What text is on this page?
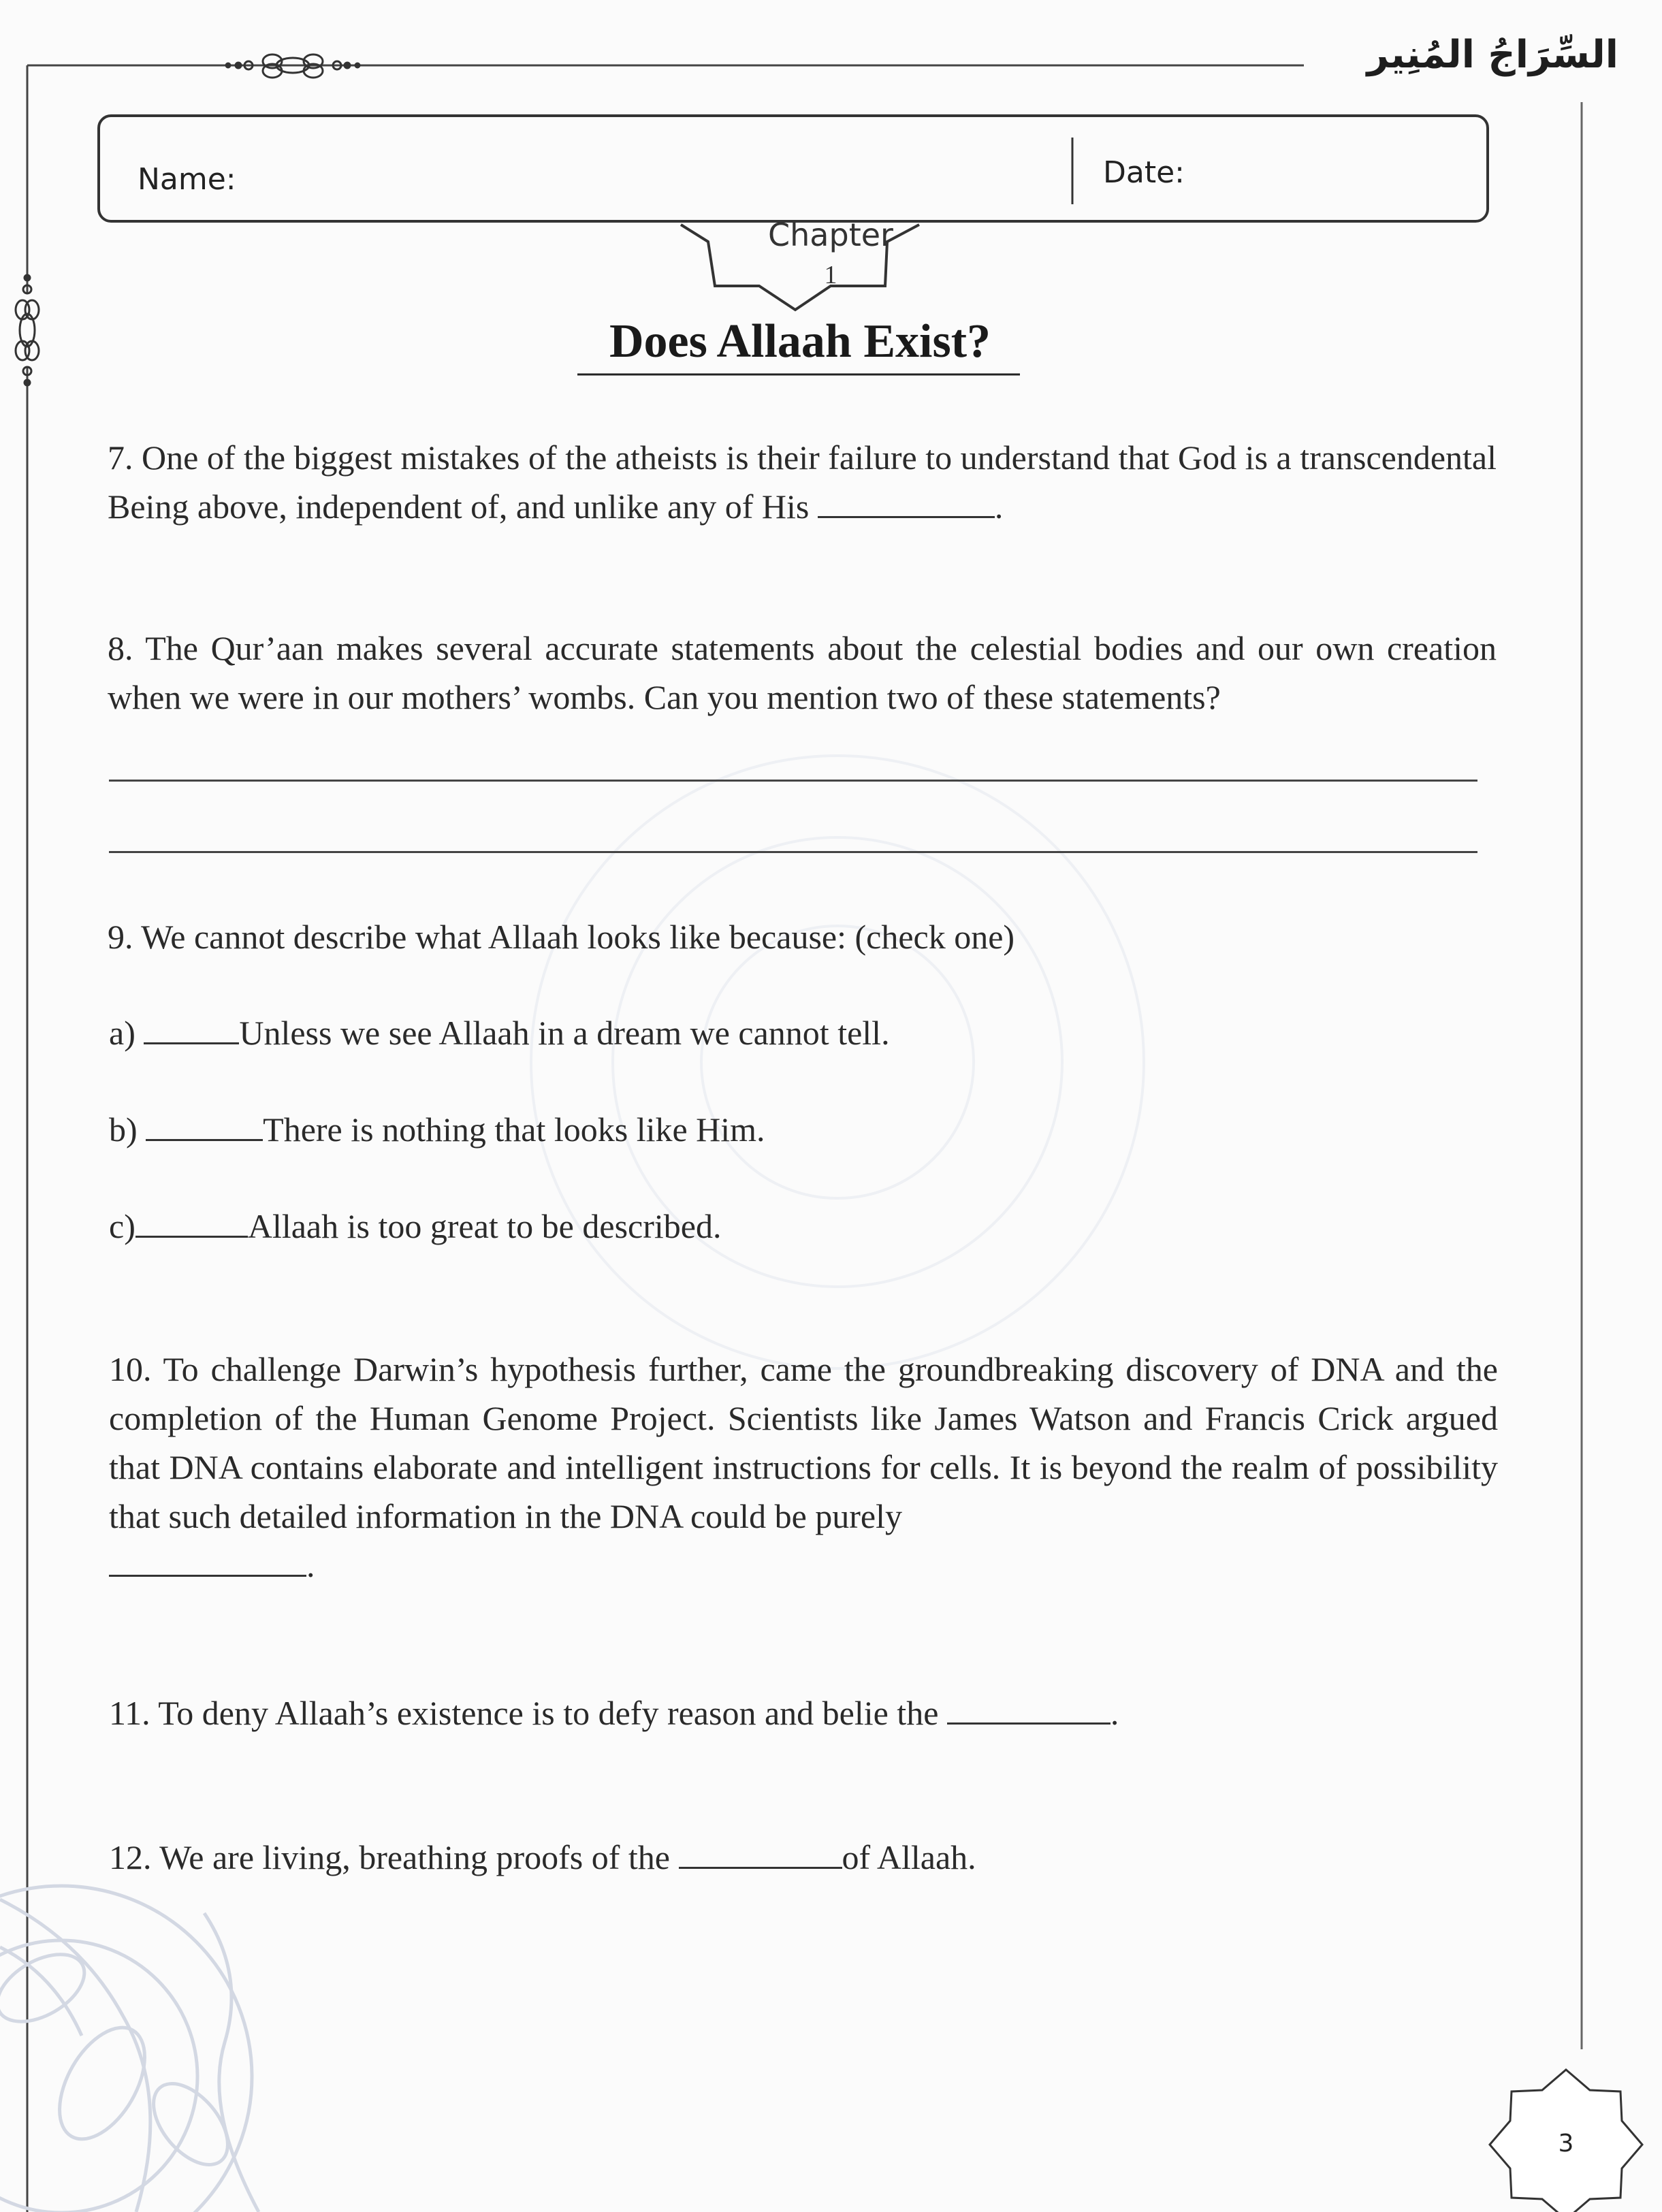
السِّرَاجُ المُنِير
Name:	Date:
Chapter
1
Does Allaah Exist?
7. One of the biggest mistakes of the atheists is their failure to understand that God is a transcendental Being above, independent of, and unlike any of His	.
8. The Qur’aan makes several accurate statements about the celestial bodies and our own creation when we were in our mothers’ wombs. Can you mention two of these statements?
9. We cannot describe what Allaah looks like because: (check one)
a)	Unless we see Allaah in a dream we cannot tell.
b)	There is nothing that looks like Him.
c)	Allaah is too great to be described.
10. To challenge Darwin’s hypothesis further, came the groundbreaking discovery of DNA and the completion of the Human Genome Project. Scientists like James Watson and Francis Crick argued that DNA contains elaborate and intelligent instructions for cells. It is beyond the realm of possibility that such detailed information in the DNA could be purely
.
11. To deny Allaah’s existence is to defy reason and belie the	.
12. We are living, breathing proofs of the	of Allaah.
3
